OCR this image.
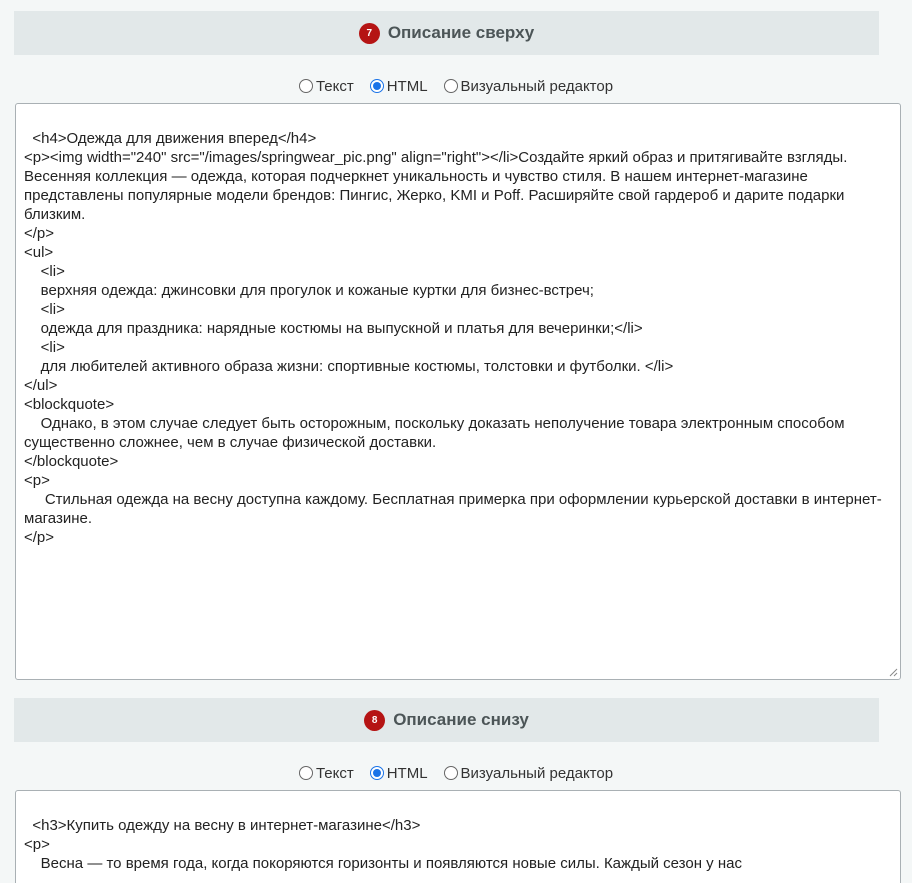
7 Описание сверху
Текст HTML Визуальный редактор

<h4>Одежда для движения вперед</h4>
<p><img width="240" src="/images/springwear_pic.png" align="right"></li>Создайте яркий образ и притягивайте взгляды. Весенняя коллекция — одежда, которая подчеркнет уникальность и чувство стиля. В нашем интернет-магазине представлены популярные модели брендов: Пингис, Жерко, KMI и Poff. Расширяйте свой гардероб и дарите подарки близким.
</p>
<ul>
	<li>
	верхняя одежда: джинсовки для прогулок и кожаные куртки для бизнес-встреч;
	<li>
	одежда для праздника: нарядные костюмы на выпускной и платья для вечеринки;</li>
	<li>
	для любителей активного образа жизни: спортивные костюмы, толстовки и футболки. </li>
</ul>
<blockquote>
	Однако, в этом случае следует быть осторожным, поскольку доказать неполучение товара электронным способом существенно сложнее, чем в случае физической доставки.
</blockquote>
<p>
	Стильная одежда на весну доступна каждому. Бесплатная примерка при оформлении курьерской доставки в интернет-магазине.
</p>

8 Описание снизу
Текст HTML Визуальный редактор

<h3>Купить одежду на весну в интернет-магазине</h3>
<p>
	Весна — то время года, когда покоряются горизонты и появляются новые силы. Каждый сезон у нас
